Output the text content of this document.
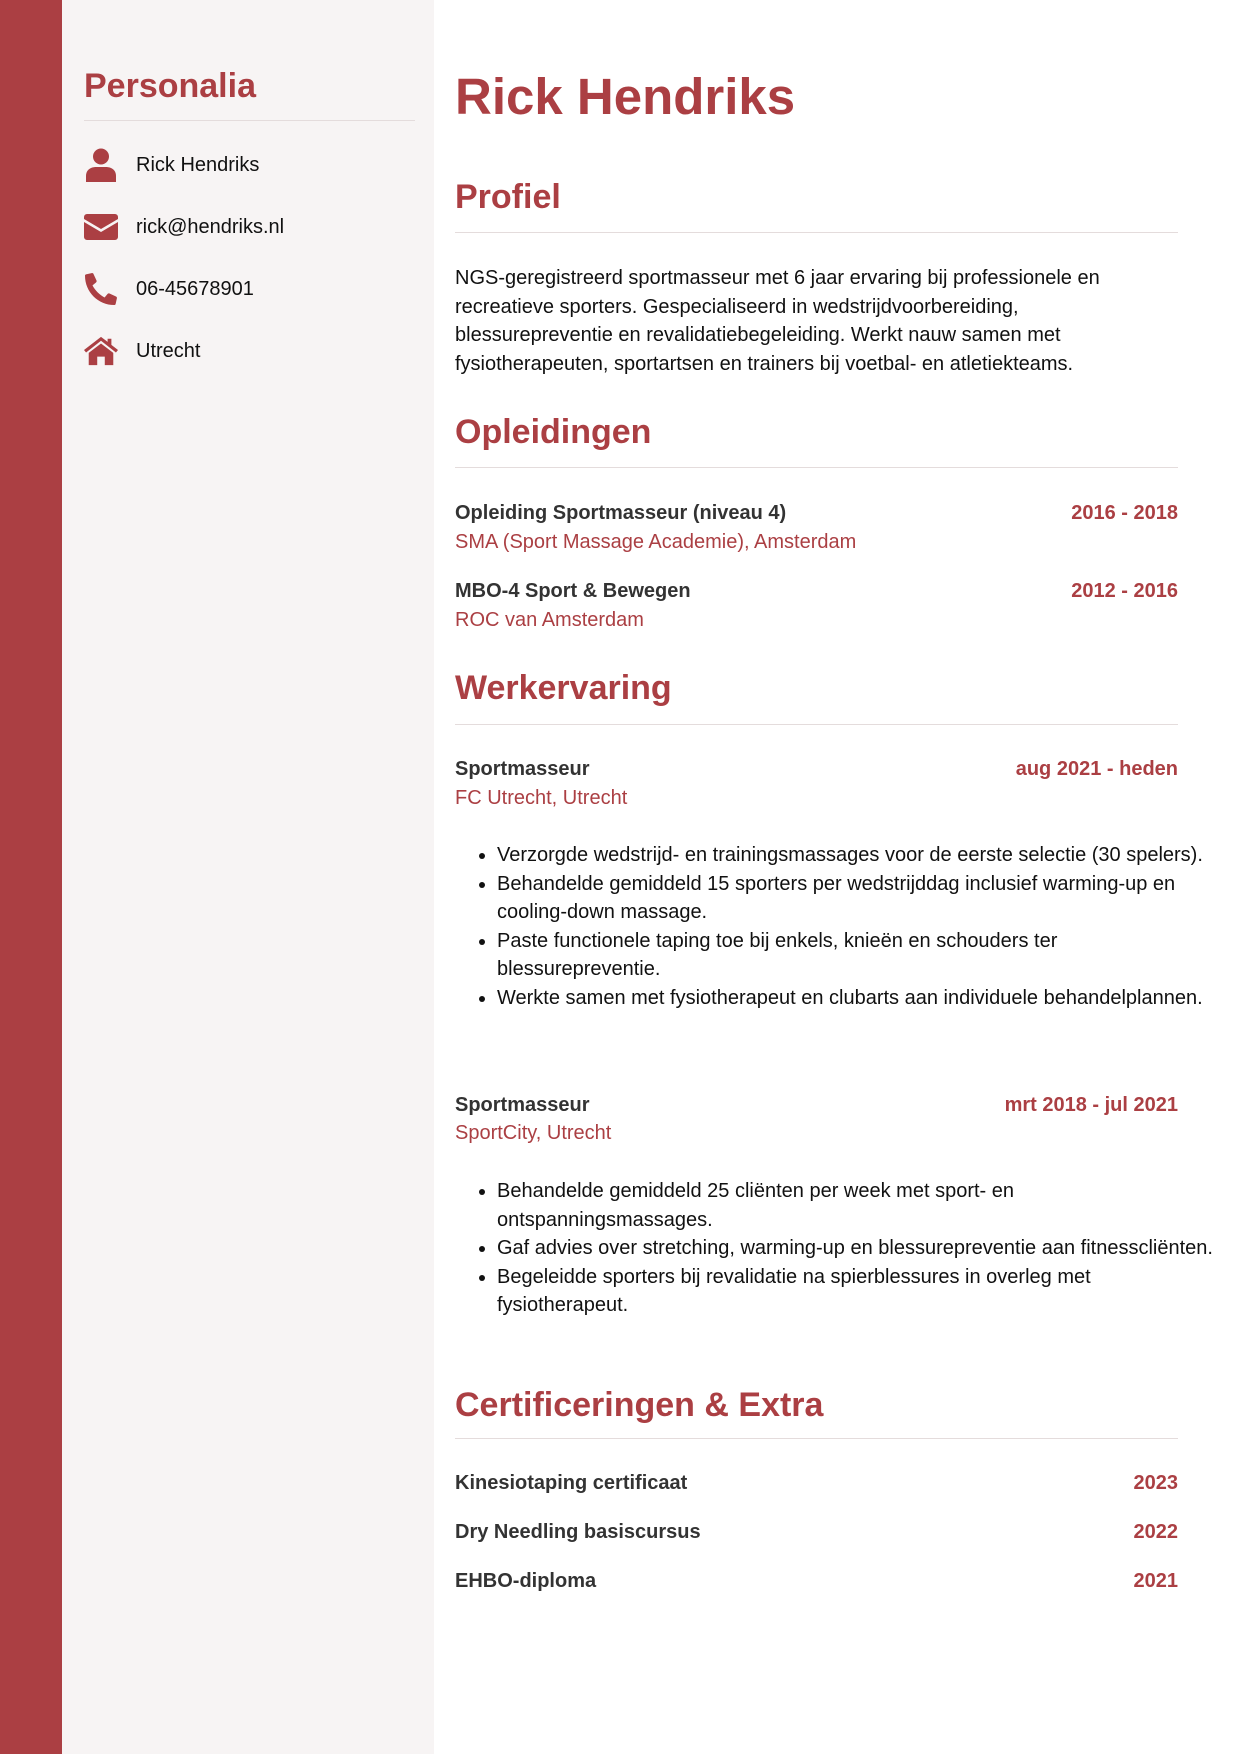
Personalia
Rick Hendriks
rick@hendriks.nl
06-45678901
Utrecht
Rick Hendriks
Profiel

NGS-geregistreerd sportmasseur met 6 jaar ervaring bij professionele en recreatieve sporters. Gespecialiseerd in wedstrijdvoorbereiding, blessurepreventie en revalidatiebegeleiding. Werkt nauw samen met fysiotherapeuten, sportartsen en trainers bij voetbal- en atletiekteams.

Opleidingen
Opleiding Sportmasseur (niveau 4)	2016 - 2018
SMA (Sport Massage Academie), Amsterdam
MBO-4 Sport & Bewegen	2012 - 2016
ROC van Amsterdam
Werkervaring
Sportmasseur	aug 2021 - heden
FC Utrecht, Utrecht
• Verzorgde wedstrijd- en trainingsmassages voor de eerste selectie (30 spelers).
• Behandelde gemiddeld 15 sporters per wedstrijddag inclusief warming-up en cooling-down massage.
• Paste functionele taping toe bij enkels, knieën en schouders ter blessurepreventie.
• Werkte samen met fysiotherapeut en clubarts aan individuele behandelplannen.
Sportmasseur	mrt 2018 - jul 2021
SportCity, Utrecht
• Behandelde gemiddeld 25 cliënten per week met sport- en ontspanningsmassages.
• Gaf advies over stretching, warming-up en blessurepreventie aan fitnesscliënten.
• Begeleidde sporters bij revalidatie na spierblessures in overleg met fysiotherapeut.
Certificeringen & Extra
Kinesiotaping certificaat	2023
Dry Needling basiscursus	2022
EHBO-diploma	2021
